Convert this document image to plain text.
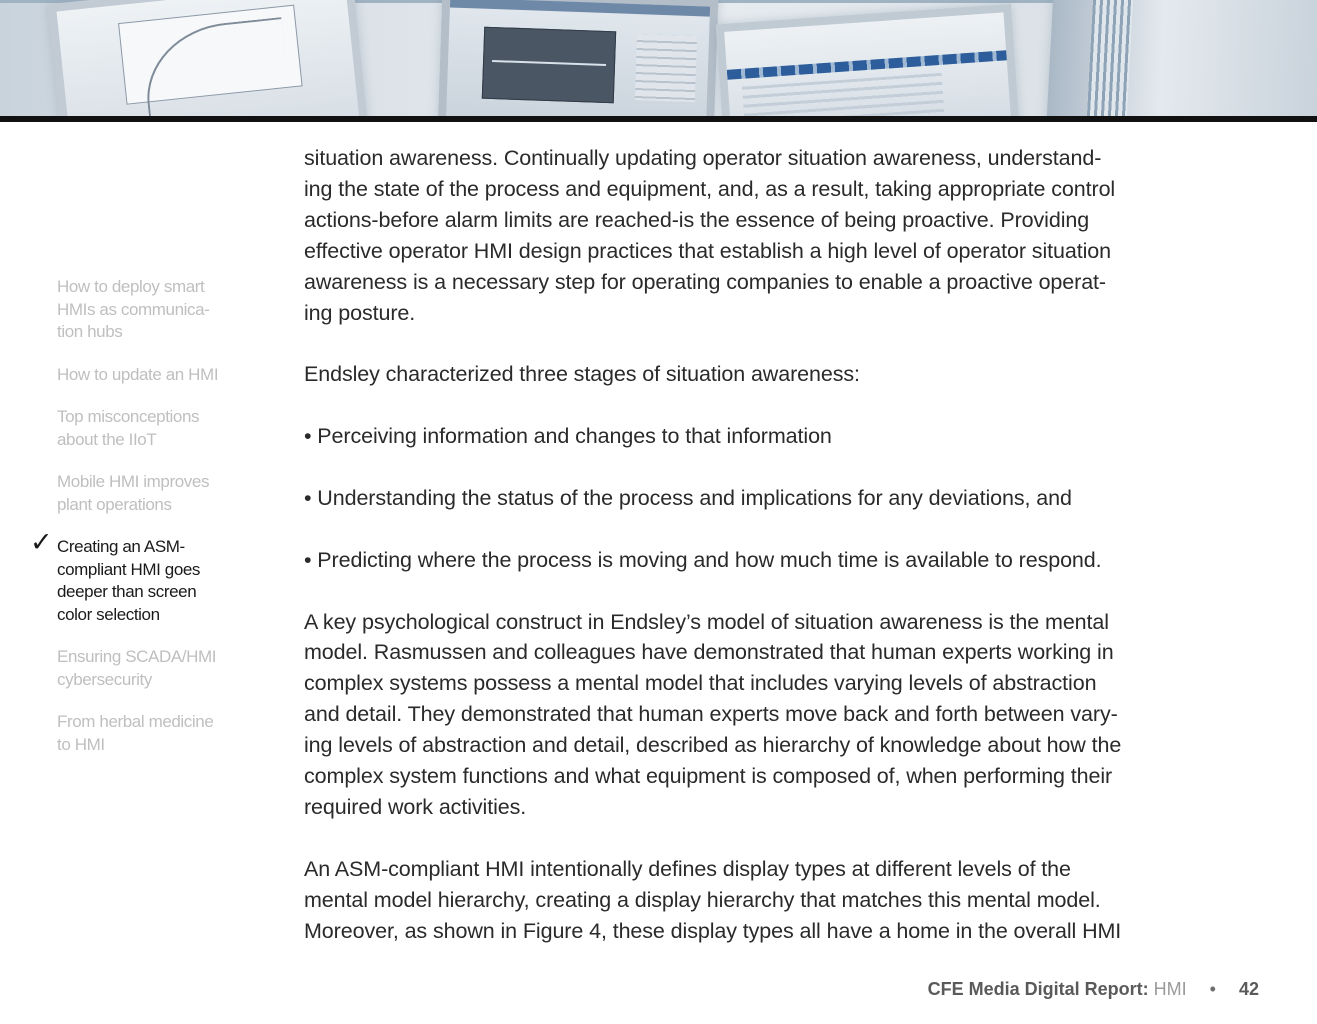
How to deploy smart
HMIs as communica-
tion hubs
How to update an HMI
Top misconceptions
about the IIoT
Mobile HMI improves
plant operations
✓ Creating an ASM-
compliant HMI goes
deeper than screen
color selection
Ensuring SCADA/HMI
cybersecurity
From herbal medicine
to HMI

situation awareness. Continually updating operator situation awareness, understand-
ing the state of the process and equipment, and, as a result, taking appropriate control
actions-before alarm limits are reached-is the essence of being proactive. Providing
effective operator HMI design practices that establish a high level of operator situation
awareness is a necessary step for operating companies to enable a proactive operat-
ing posture.

Endsley characterized three stages of situation awareness:

• Perceiving information and changes to that information

• Understanding the status of the process and implications for any deviations, and

• Predicting where the process is moving and how much time is available to respond.

A key psychological construct in Endsley’s model of situation awareness is the mental
model. Rasmussen and colleagues have demonstrated that human experts working in
complex systems possess a mental model that includes varying levels of abstraction
and detail. They demonstrated that human experts move back and forth between vary-
ing levels of abstraction and detail, described as hierarchy of knowledge about how the
complex system functions and what equipment is composed of, when performing their
required work activities.

An ASM-compliant HMI intentionally defines display types at different levels of the
mental model hierarchy, creating a display hierarchy that matches this mental model.
Moreover, as shown in Figure 4, these display types all have a home in the overall HMI

CFE Media Digital Report: HMI • 42
